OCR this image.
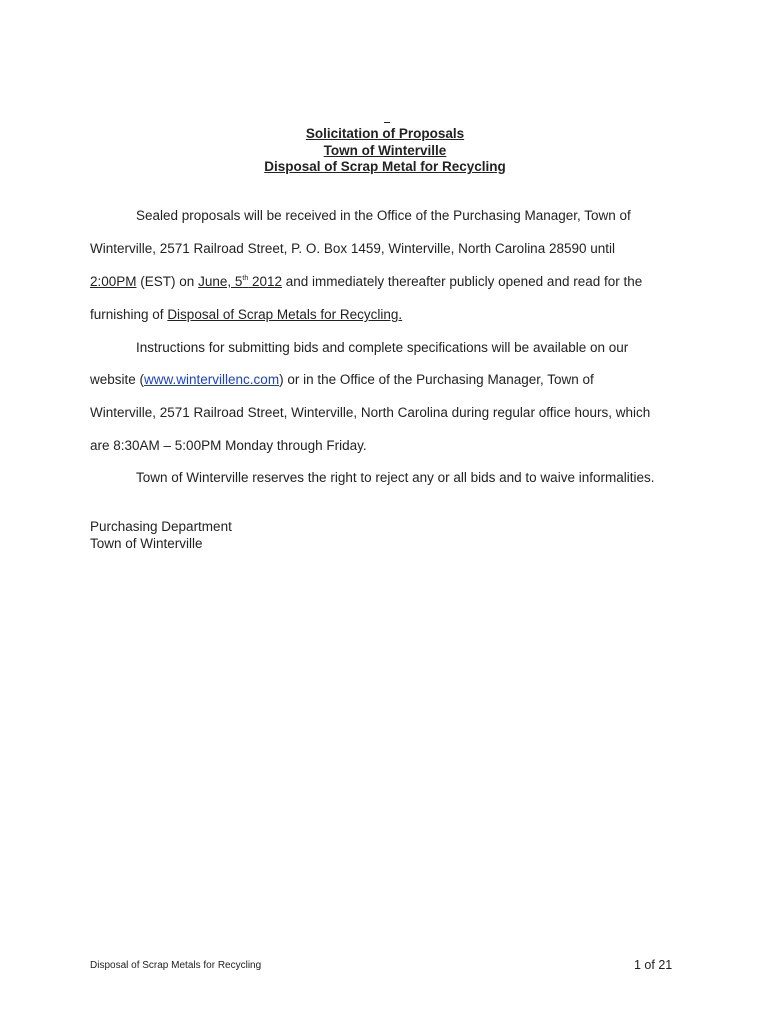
Solicitation of Proposals
Town of Winterville
Disposal of Scrap Metal for Recycling
Sealed proposals will be received in the Office of the Purchasing Manager, Town of
Winterville, 2571 Railroad Street, P. O. Box 1459, Winterville, North Carolina 28590 until
2:00PM (EST) on June, 5th 2012 and immediately thereafter publicly opened and read for the
furnishing of Disposal of Scrap Metals for Recycling.
Instructions for submitting bids and complete specifications will be available on our
website (www.wintervillenc.com) or in the Office of the Purchasing Manager, Town of
Winterville, 2571 Railroad Street, Winterville, North Carolina during regular office hours, which
are 8:30AM – 5:00PM Monday through Friday.
Town of Winterville reserves the right to reject any or all bids and to waive informalities.
Purchasing Department
Town of Winterville
Disposal of Scrap Metals for Recycling	1 of 21
